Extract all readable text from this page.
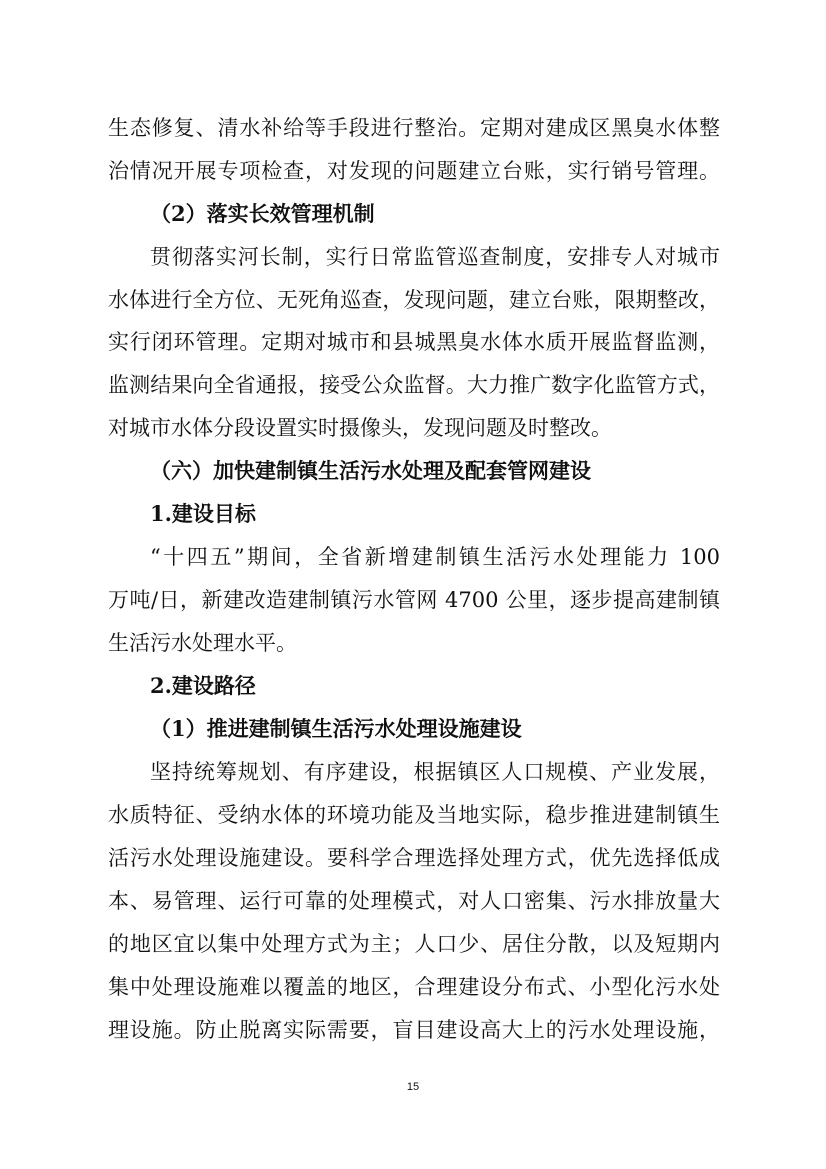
生态修复、清水补给等手段进行整治。定期对建成区黑臭水体整
治情况开展专项检查，对发现的问题建立台账，实行销号管理。
（2）落实长效管理机制
贯彻落实河长制，实行日常监管巡查制度，安排专人对城市
水体进行全方位、无死角巡查，发现问题，建立台账，限期整改，
实行闭环管理。定期对城市和县城黑臭水体水质开展监督监测，
监测结果向全省通报，接受公众监督。大力推广数字化监管方式，
对城市水体分段设置实时摄像头，发现问题及时整改。
（六）加快建制镇生活污水处理及配套管网建设
1.建设目标
“十四五”期间，全省新增建制镇生活污水处理能力 100
万吨/日，新建改造建制镇污水管网 4700 公里，逐步提高建制镇
生活污水处理水平。
2.建设路径
（1）推进建制镇生活污水处理设施建设
坚持统筹规划、有序建设，根据镇区人口规模、产业发展，
水质特征、受纳水体的环境功能及当地实际，稳步推进建制镇生
活污水处理设施建设。要科学合理选择处理方式，优先选择低成
本、易管理、运行可靠的处理模式，对人口密集、污水排放量大
的地区宜以集中处理方式为主；人口少、居住分散，以及短期内
集中处理设施难以覆盖的地区，合理建设分布式、小型化污水处
理设施。防止脱离实际需要，盲目建设高大上的污水处理设施，
15
